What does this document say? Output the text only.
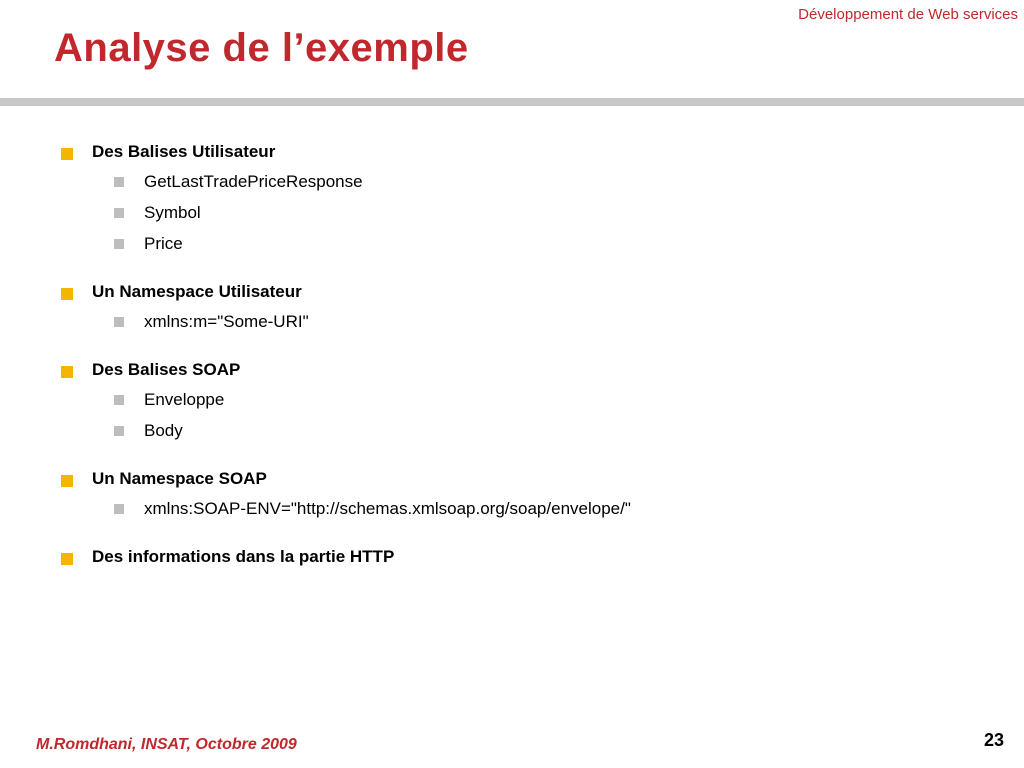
Développement de Web services
Analyse de l’exemple
Des Balises Utilisateur
GetLastTradePriceResponse
Symbol
Price
Un Namespace Utilisateur
xmlns:m="Some-URI"
Des Balises SOAP
Enveloppe
Body
Un Namespace SOAP
xmlns:SOAP-ENV="http://schemas.xmlsoap.org/soap/envelope/"
Des informations dans la partie HTTP
M.Romdhani, INSAT, Octobre 2009	23
